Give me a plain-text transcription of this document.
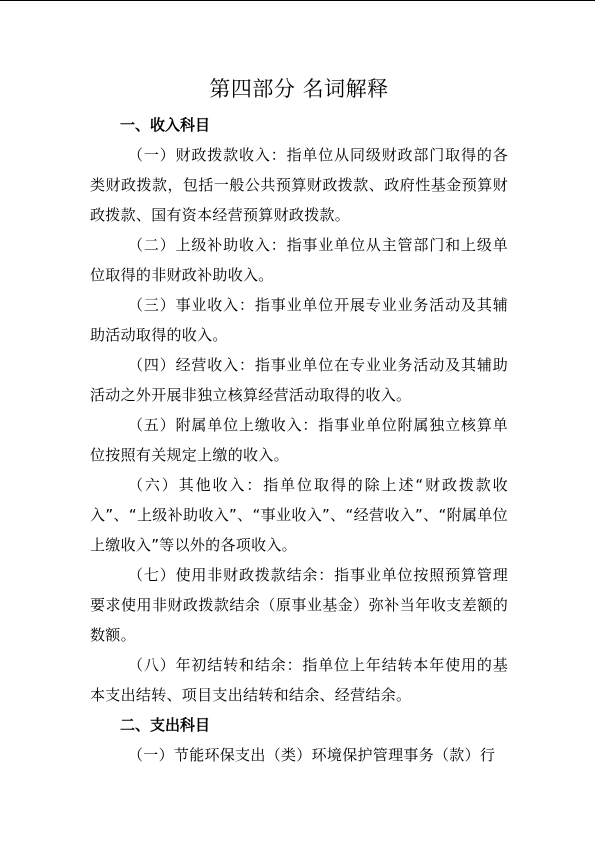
第四部分 名词解释

一、收入科目

（一）财政拨款收入：指单位从同级财政部门取得的各类财政拨款，包括一般公共预算财政拨款、政府性基金预算财政拨款、国有资本经营预算财政拨款。

（二）上级补助收入：指事业单位从主管部门和上级单位取得的非财政补助收入。

（三）事业收入：指事业单位开展专业业务活动及其辅助活动取得的收入。

（四）经营收入：指事业单位在专业业务活动及其辅助活动之外开展非独立核算经营活动取得的收入。

（五）附属单位上缴收入：指事业单位附属独立核算单位按照有关规定上缴的收入。

（六）其他收入：指单位取得的除上述“财政拨款收入”、“上级补助收入”、“事业收入”、“经营收入”、“附属单位上缴收入”等以外的各项收入。

（七）使用非财政拨款结余：指事业单位按照预算管理要求使用非财政拨款结余（原事业基金）弥补当年收支差额的数额。

（八）年初结转和结余：指单位上年结转本年使用的基本支出结转、项目支出结转和结余、经营结余。

二、支出科目

（一）节能环保支出（类）环境保护管理事务（款）行
